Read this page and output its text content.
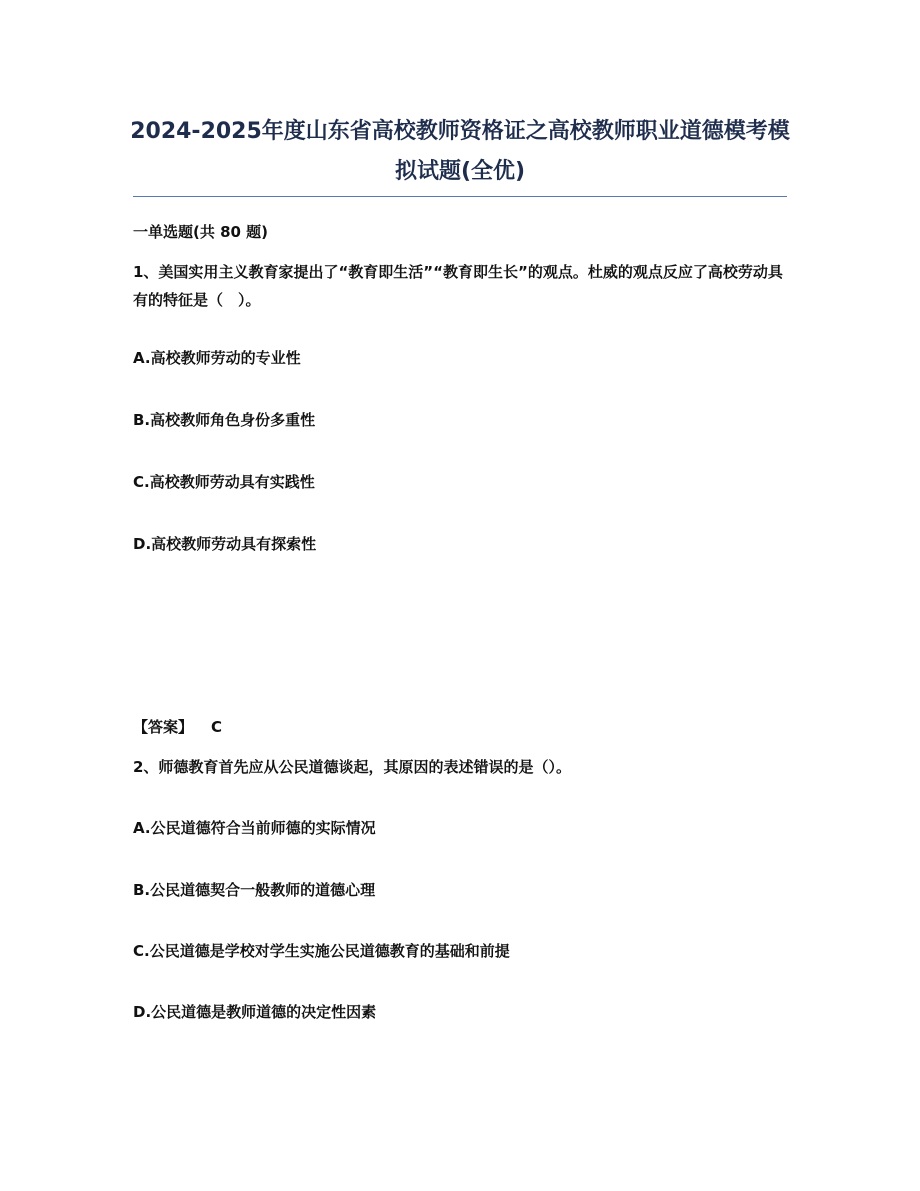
2024-2025年度山东省高校教师资格证之高校教师职业道德模考模拟试题(全优)
一单选题(共 80 题)
1、美国实用主义教育家提出了“教育即生活”“教育即生长”的观点。杜威的观点反应了高校劳动具有的特征是（　）。
A.高校教师劳动的专业性
B.高校教师角色身份多重性
C.高校教师劳动具有实践性
D.高校教师劳动具有探索性
【答案】 C
2、师德教育首先应从公民道德谈起，其原因的表述错误的是（）。
A.公民道德符合当前师德的实际情况
B.公民道德契合一般教师的道德心理
C.公民道德是学校对学生实施公民道德教育的基础和前提
D.公民道德是教师道德的决定性因素
